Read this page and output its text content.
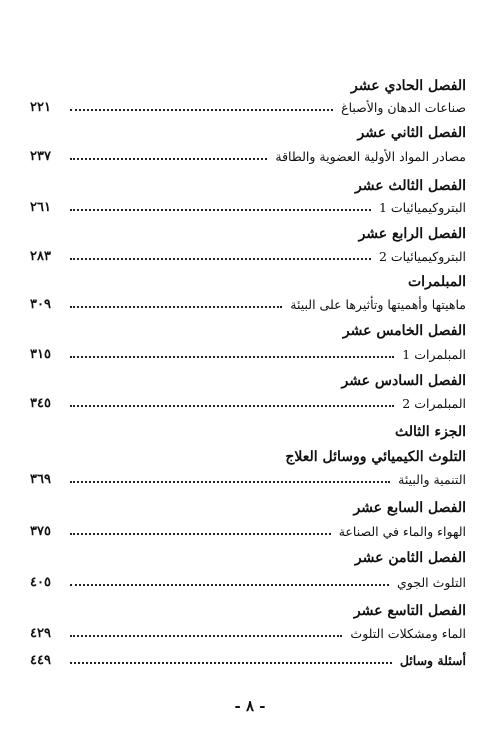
الفصل الحادي عشر
صناعات الدهان والأصباغ
٢٢١
الفصل الثاني عشر
مصادر المواد الأولية العضوية والطاقة
٢٣٧
الفصل الثالث عشر
البتروكيميائيات 1
٢٦١
الفصل الرابع عشر
البتروكيميائيات 2
٢٨٣
المبلمرات
ماهيتها وأهميتها وتأثيرها على البيئة
٣٠٩
الفصل الخامس عشر
المبلمرات 1
٣١٥
الفصل السادس عشر
المبلمرات 2
٣٤٥
الجزء الثالث
التلوث الكيميائي ووسائل العلاج
التنمية والبيئة
٣٦٩
الفصل السابع عشر
الهواء والماء في الصناعة
٣٧٥
الفصل الثامن عشر
التلوث الجوي
٤٠٥
الفصل التاسع عشر
الماء ومشكلات التلوث
٤٢٩
أسئلة وسائل
٤٤٩
- ٨ -
